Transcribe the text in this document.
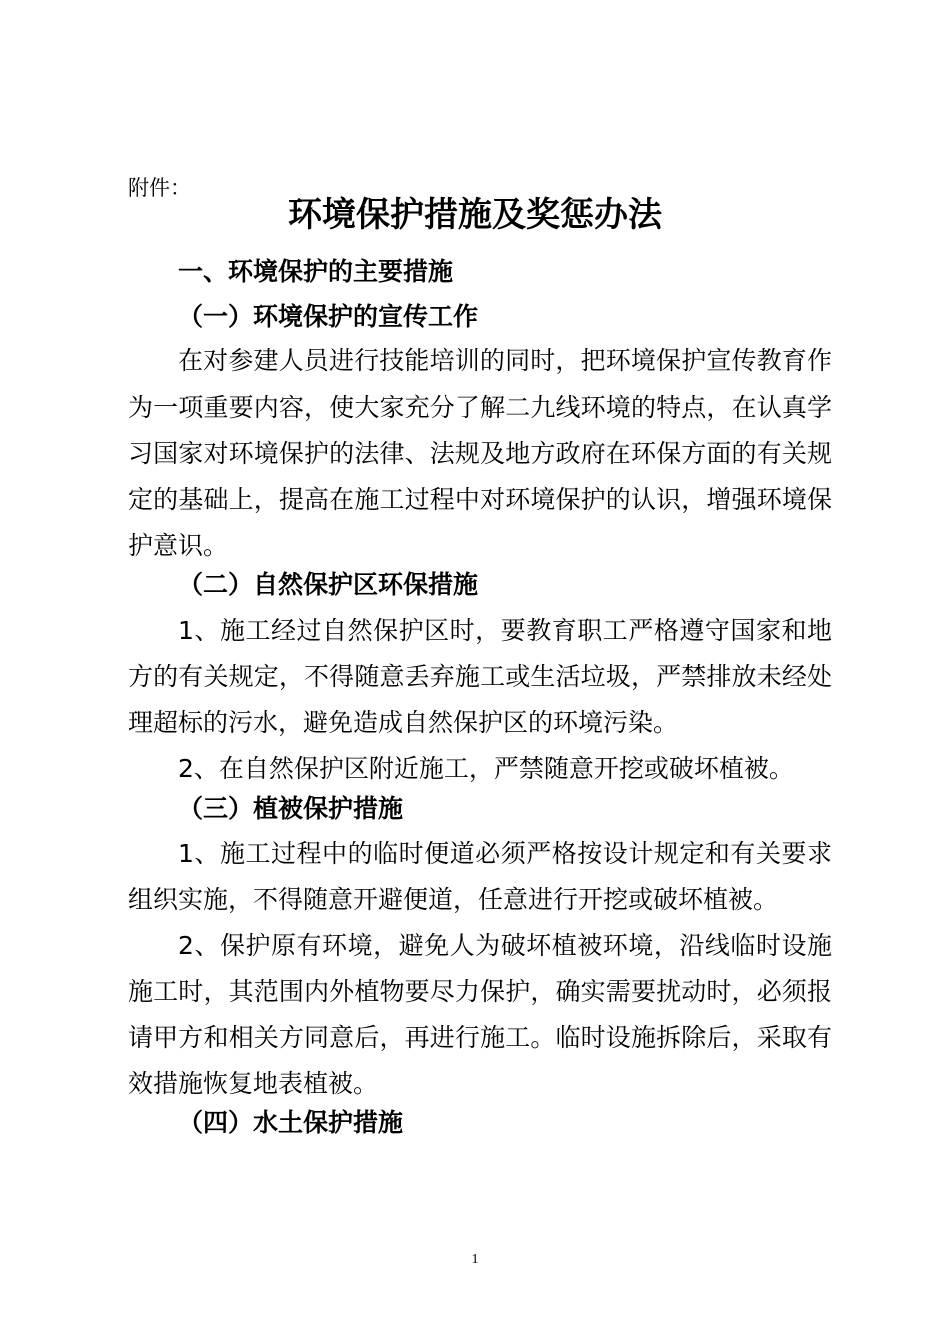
附件：
环境保护措施及奖惩办法
一、环境保护的主要措施
（一）环境保护的宣传工作
在对参建人员进行技能培训的同时，把环境保护宣传教育作
为一项重要内容，使大家充分了解二九线环境的特点，在认真学
习国家对环境保护的法律、法规及地方政府在环保方面的有关规
定的基础上，提高在施工过程中对环境保护的认识，增强环境保
护意识。
（二）自然保护区环保措施
1、施工经过自然保护区时，要教育职工严格遵守国家和地
方的有关规定，不得随意丢弃施工或生活垃圾，严禁排放未经处
理超标的污水，避免造成自然保护区的环境污染。
2、在自然保护区附近施工，严禁随意开挖或破坏植被。
（三）植被保护措施
1、施工过程中的临时便道必须严格按设计规定和有关要求
组织实施，不得随意开避便道，任意进行开挖或破坏植被。
2、保护原有环境，避免人为破坏植被环境，沿线临时设施
施工时，其范围内外植物要尽力保护，确实需要扰动时，必须报
请甲方和相关方同意后，再进行施工。临时设施拆除后，采取有
效措施恢复地表植被。
（四）水土保护措施
1
